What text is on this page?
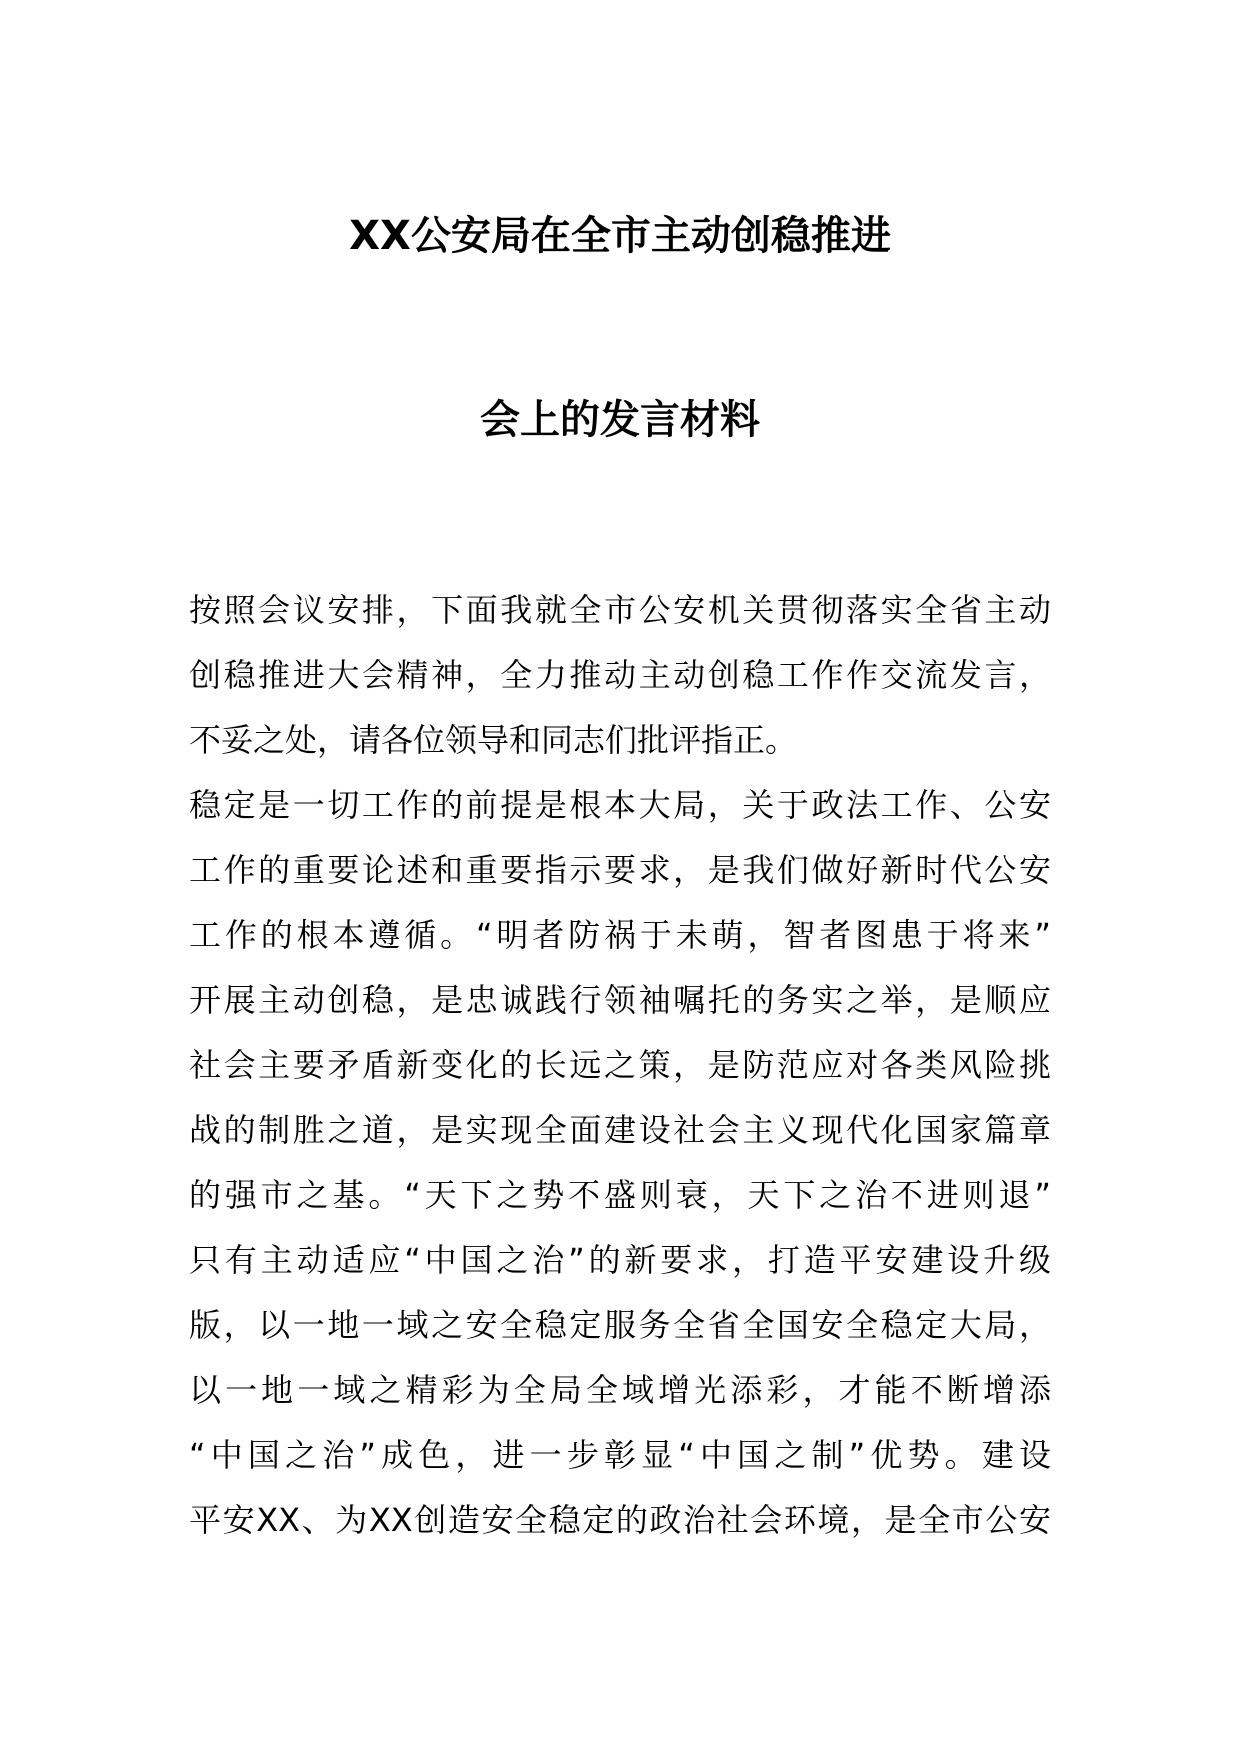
XX公安局在全市主动创稳推进
会上的发言材料

按照会议安排，下面我就全市公安机关贯彻落实全省主动
创稳推进大会精神，全力推动主动创稳工作作交流发言，
不妥之处，请各位领导和同志们批评指正。

稳定是一切工作的前提是根本大局，关于政法工作、公安
工作的重要论述和重要指示要求，是我们做好新时代公安
工作的根本遵循。“明者防祸于未萌，智者图患于将来”
开展主动创稳，是忠诚践行领袖嘱托的务实之举，是顺应
社会主要矛盾新变化的长远之策，是防范应对各类风险挑
战的制胜之道，是实现全面建设社会主义现代化国家篇章
的强市之基。“天下之势不盛则衰，天下之治不进则退”
只有主动适应“中国之治”的新要求，打造平安建设升级
版，以一地一域之安全稳定服务全省全国安全稳定大局，
以一地一域之精彩为全局全域增光添彩，才能不断增添
“中国之治”成色，进一步彰显“中国之制”优势。建设
平安XX、为XX创造安全稳定的政治社会环境，是全市公安
